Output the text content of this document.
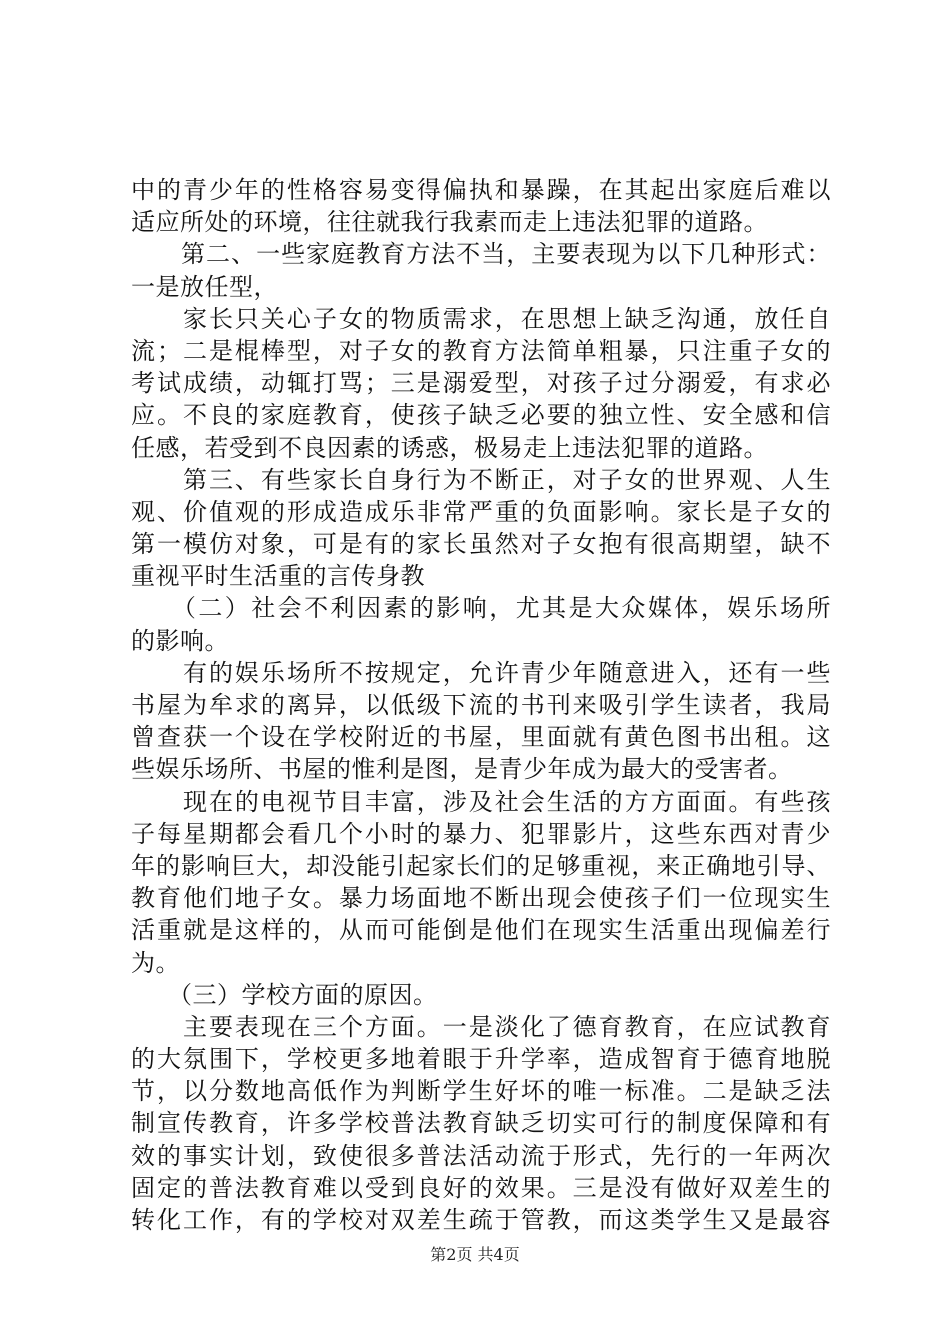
中的青少年的性格容易变得偏执和暴躁，在其起出家庭后难以
适应所处的环境，往往就我行我素而走上违法犯罪的道路。
　　第二、一些家庭教育方法不当，主要表现为以下几种形式：
一是放任型，
　　家长只关心子女的物质需求，在思想上缺乏沟通，放任自
流；二是棍棒型，对子女的教育方法简单粗暴，只注重子女的
考试成绩，动辄打骂；三是溺爱型，对孩子过分溺爱，有求必
应。不良的家庭教育，使孩子缺乏必要的独立性、安全感和信
任感，若受到不良因素的诱惑，极易走上违法犯罪的道路。
　　第三、有些家长自身行为不断正，对子女的世界观、人生
观、价值观的形成造成乐非常严重的负面影响。家长是子女的
第一模仿对象，可是有的家长虽然对子女抱有很高期望，缺不
重视平时生活重的言传身教
　　（二）社会不利因素的影响，尤其是大众媒体，娱乐场所
的影响。
　　有的娱乐场所不按规定，允许青少年随意进入，还有一些
书屋为牟求的离异，以低级下流的书刊来吸引学生读者，我局
曾查获一个设在学校附近的书屋，里面就有黄色图书出租。这
些娱乐场所、书屋的惟利是图，是青少年成为最大的受害者。
　　现在的电视节目丰富，涉及社会生活的方方面面。有些孩
子每星期都会看几个小时的暴力、犯罪影片，这些东西对青少
年的影响巨大，却没能引起家长们的足够重视，来正确地引导、
教育他们地子女。暴力场面地不断出现会使孩子们一位现实生
活重就是这样的，从而可能倒是他们在现实生活重出现偏差行
为。
　　（三）学校方面的原因。
　　主要表现在三个方面。一是淡化了德育教育，在应试教育
的大氛围下，学校更多地着眼于升学率，造成智育于德育地脱
节，以分数地高低作为判断学生好坏的唯一标准。二是缺乏法
制宣传教育，许多学校普法教育缺乏切实可行的制度保障和有
效的事实计划，致使很多普法活动流于形式，先行的一年两次
固定的普法教育难以受到良好的效果。三是没有做好双差生的
转化工作，有的学校对双差生疏于管教，而这类学生又是最容
第2页 共4页
